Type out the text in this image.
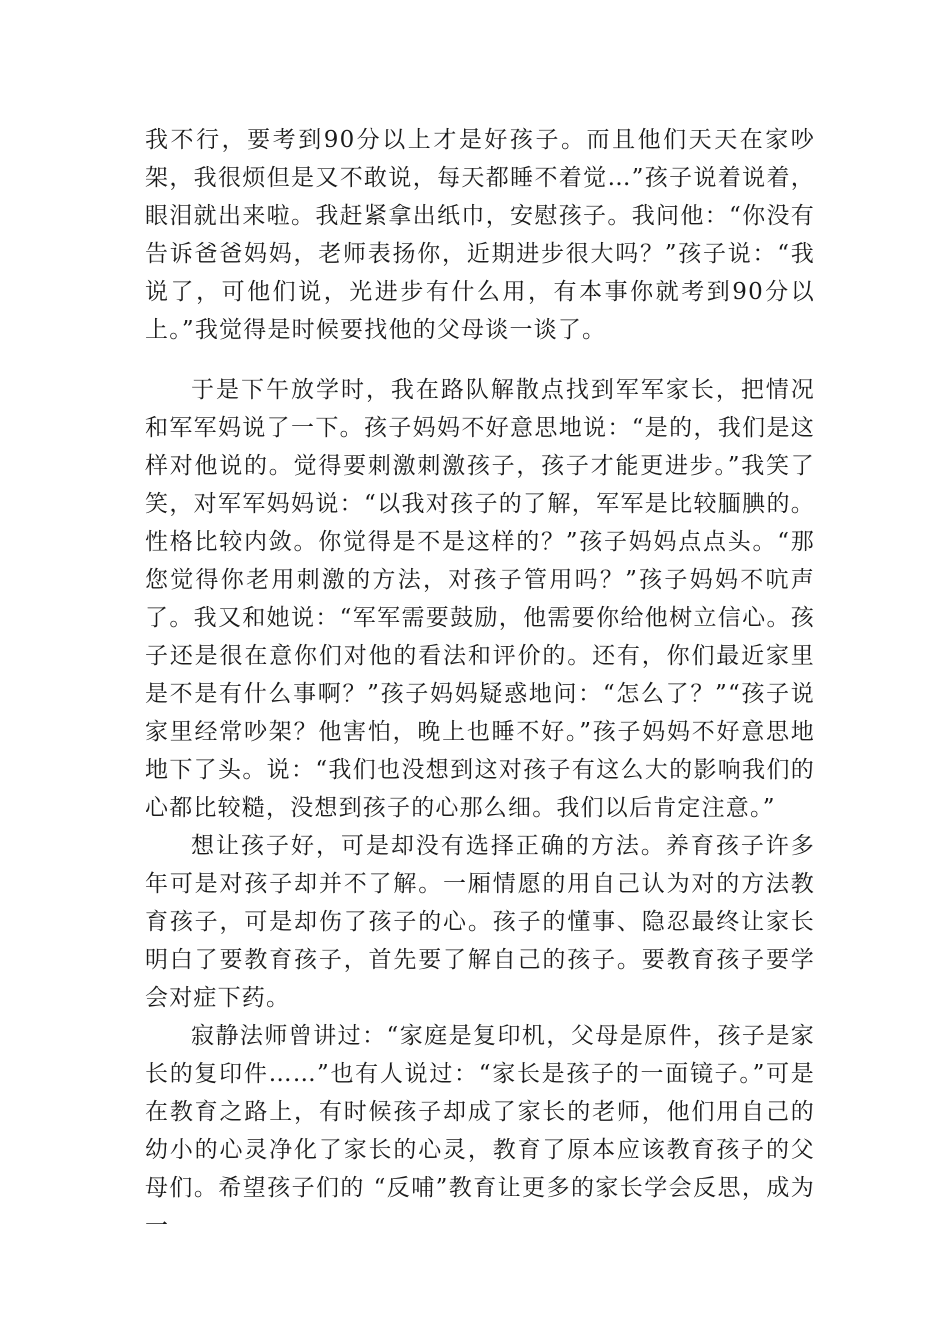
我不行，要考到90分以上才是好孩子。而且他们天天在家吵架，我很烦但是又不敢说，每天都睡不着觉…”孩子说着说着，眼泪就出来啦。我赶紧拿出纸巾，安慰孩子。我问他：“你没有告诉爸爸妈妈，老师表扬你，近期进步很大吗？”孩子说：“我说了，可他们说，光进步有什么用，有本事你就考到90分以上。”我觉得是时候要找他的父母谈一谈了。

于是下午放学时，我在路队解散点找到军军家长，把情况和军军妈说了一下。孩子妈妈不好意思地说：“是的，我们是这样对他说的。觉得要刺激刺激孩子，孩子才能更进步。”我笑了笑，对军军妈妈说：“以我对孩子的了解，军军是比较腼腆的。性格比较内敛。你觉得是不是这样的？”孩子妈妈点点头。“那您觉得你老用刺激的方法，对孩子管用吗？”孩子妈妈不吭声了。我又和她说：“军军需要鼓励，他需要你给他树立信心。孩子还是很在意你们对他的看法和评价的。还有，你们最近家里是不是有什么事啊？”孩子妈妈疑惑地问：“怎么了？”“孩子说家里经常吵架？他害怕，晚上也睡不好。”孩子妈妈不好意思地地下了头。说：“我们也没想到这对孩子有这么大的影响我们的心都比较糙，没想到孩子的心那么细。我们以后肯定注意。”

想让孩子好，可是却没有选择正确的方法。养育孩子许多年可是对孩子却并不了解。一厢情愿的用自己认为对的方法教育孩子，可是却伤了孩子的心。孩子的懂事、隐忍最终让家长明白了要教育孩子，首先要了解自己的孩子。要教育孩子要学会对症下药。

寂静法师曾讲过：“家庭是复印机，父母是原件，孩子是家长的复印件……”也有人说过：“家长是孩子的一面镜子。”可是在教育之路上，有时候孩子却成了家长的老师，他们用自己的幼小的心灵净化了家长的心灵，教育了原本应该教育孩子的父母们。希望孩子们的 “反哺”教育让更多的家长学会反思，成为一
